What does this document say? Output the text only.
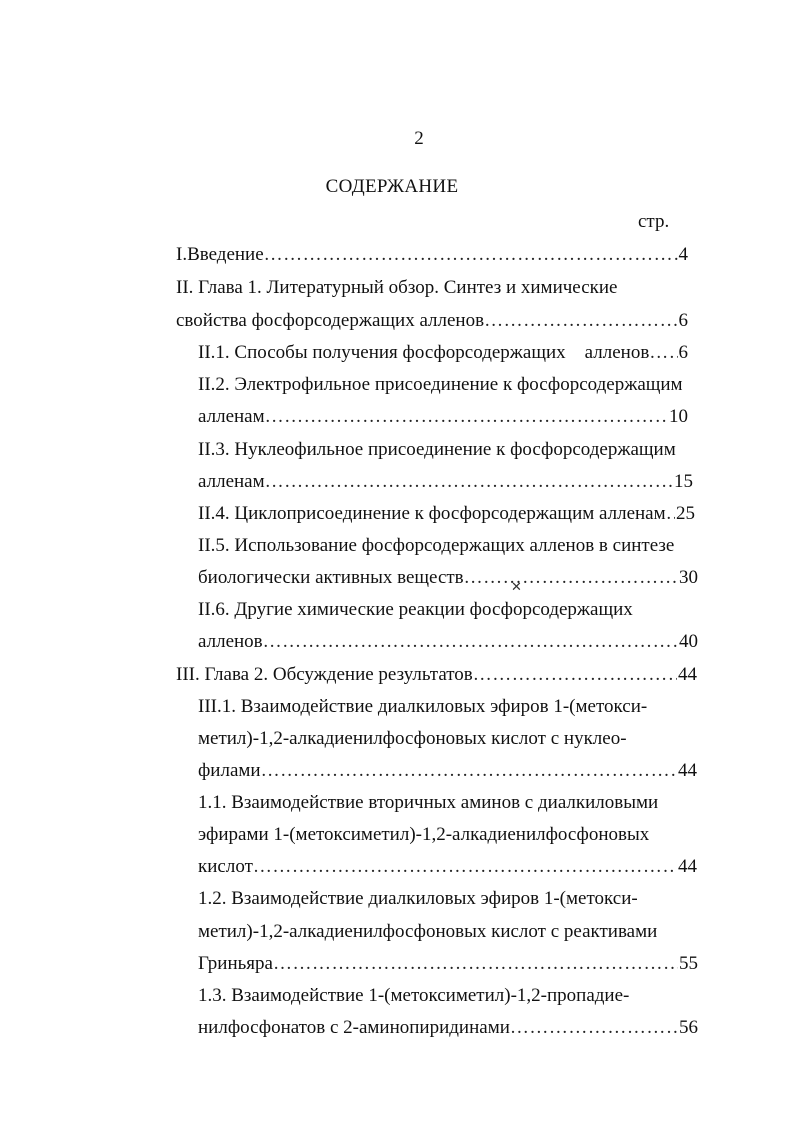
2
СОДЕРЖАНИЕ
стр.
I.Введение …………………………………………………………………………………………………………………………………………	4
II. Глава 1. Литературный обзор. Синтез и химические
свойства фосфорсодержащих алленов …………………………………………………………………………………………………………………………………………	6
II.1. Способы получения фосфорсодержащих    алленов ………………………………………………………………………………………………………………………………………… 6
II.2. Электрофильное присоединение к фосфорсодержащим
алленам …………………………………………………………………………………………………………………………………………	10
II.3. Нуклеофильное присоединение к фосфорсодержащим
алленам …………………………………………………………………………………………………………………………………………	15
II.4. Циклоприсоединение к фосфорсодержащим алленам ………………………………………………………………………………………………………………………………………… 25
II.5. Использование фосфорсодержащих алленов в синтезе
биологически активных веществ …………………………………………………………………………………………………………………………………………	30
✕
II.6. Другие химические реакции фосфорсодержащих
алленов …………………………………………………………………………………………………………………………………………	40
III. Глава 2. Обсуждение результатов …………………………………………………………………………………………………………………………………………	44
III.1. Взаимодействие диалкиловых эфиров 1-(метокси-
метил)-1,2-алкадиенилфосфоновых кислот с нуклео-
филами …………………………………………………………………………………………………………………………………………	44
1.1. Взаимодействие вторичных аминов с диалкиловыми
эфирами 1-(метоксиметил)-1,2-алкадиенилфосфоновых
кислот …………………………………………………………………………………………………………………………………………	44
1.2. Взаимодействие диалкиловых эфиров 1-(метокси-
метил)-1,2-алкадиенилфосфоновых кислот с реактивами
Гриньяра …………………………………………………………………………………………………………………………………………	55
1.3. Взаимодействие 1-(метоксиметил)-1,2-пропадие-
нилфосфонатов с 2-аминопиридинами …………………………………………………………………………………………………………………………………………	56
